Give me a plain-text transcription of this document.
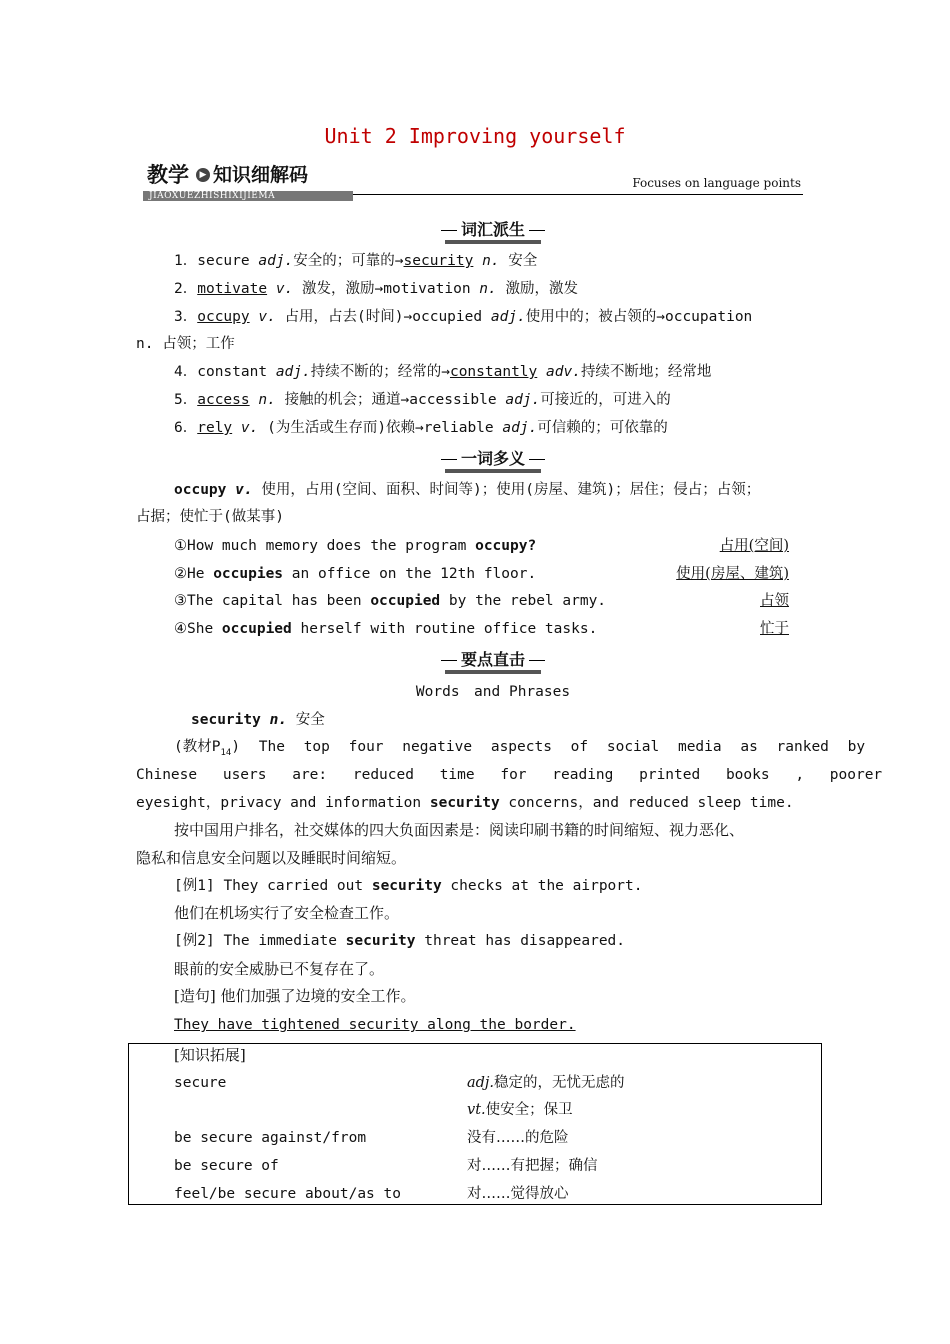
Unit 2 Improving yourself
教学	▶ 知识细解码
JIAOXUEZHISHIXIJIEMA
Focuses on language points
词汇派生
1．secure adj.安全的；可靠的→security n. 安全
2．motivate v. 激发，激励→motivation n. 激励，激发
3．occupy v. 占用，占去(时间)→occupied adj.使用中的；被占领的→occupation
n. 占领；工作
4．constant adj.持续不断的；经常的→constantly adv.持续不断地；经常地
5．access n. 接触的机会；通道→accessible adj.可接近的，可进入的
6．rely v. (为生活或生存而)依赖→reliable adj.可信赖的；可依靠的
一词多义
occupy v. 使用，占用(空间、面积、时间等)；使用(房屋、建筑)；居住；侵占；占领；
占据；使忙于(做某事)
①How much memory does the program occupy?	占用(空间)
②He occupies an office on the 12th floor.	使用(房屋、建筑)
③The capital has been occupied by the rebel army.	占领
④She occupied herself with routine office tasks.	忙于
要点直击
Words　and Phrases
security n. 安全
(教材$P_{14}$) The top four negative aspects of social media as ranked by
Chinese users are: reduced time for reading printed books , poorer
eyesight，privacy and information security concerns，and reduced sleep time.
按中国用户排名，社交媒体的四大负面因素是：阅读印刷书籍的时间缩短、视力恶化、
隐私和信息安全问题以及睡眠时间缩短。
[例1] They carried out security checks at the airport.
他们在机场实行了安全检查工作。
[例2] The immediate security threat has disappeared.
眼前的安全威胁已不复存在了。
[造句] 他们加强了边境的安全工作。
They have tightened security along the border.
[知识拓展]
secure	adj.稳定的，无忧无虑的
vt.使安全；保卫
be secure against/from	没有……的危险
be secure of	对……有把握；确信
feel/be secure about/as to	对……觉得放心
